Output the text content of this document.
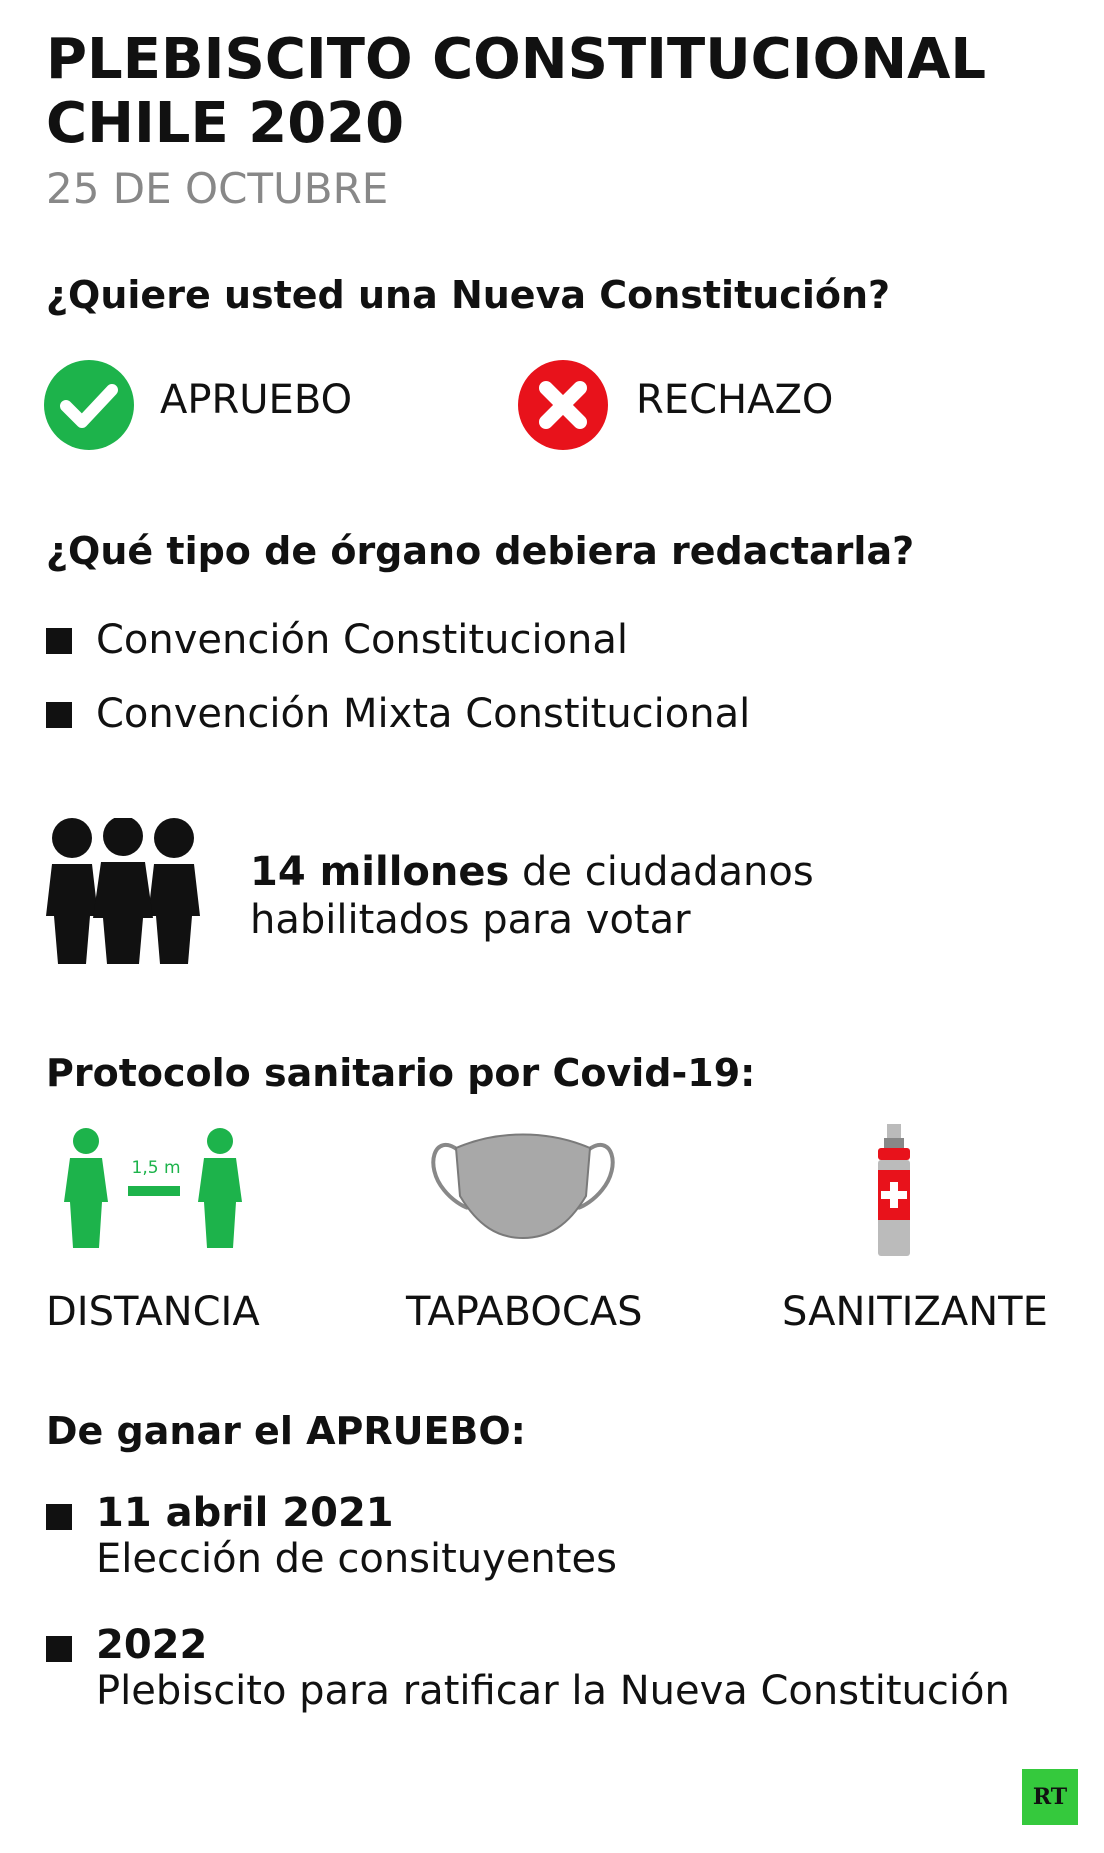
PLEBISCITO CONSTITUCIONAL
CHILE 2020
25 DE OCTUBRE
¿Quiere usted una Nueva Constitución?
APRUEBO	RECHAZO
¿Qué tipo de órgano debiera redactarla?
Convención Constitucional
Convención Mixta Constitucional
14 millones de ciudadanos
habilitados para votar
Protocolo sanitario por Covid-19:
1,5 m
DISTANCIA	TAPABOCAS	SANITIZANTE
De ganar el APRUEBO:
11 abril 2021
Elección de consituyentes
2022
Plebiscito para ratificar la Nueva Constitución
RT
